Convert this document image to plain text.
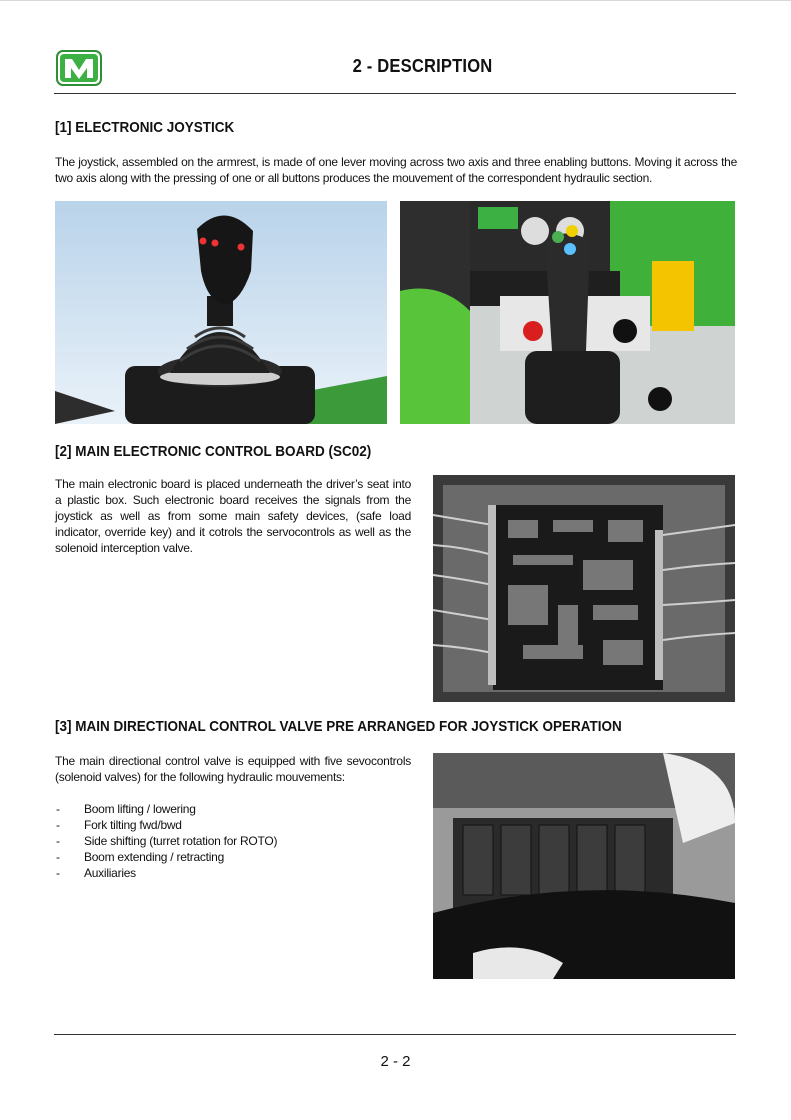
2 - DESCRIPTION
[1] ELECTRONIC JOYSTICK
The joystick, assembled on the armrest, is made of one lever moving across two axis and three enabling buttons. Moving it across the two axis along with the pressing of one or all buttons produces the mouvement of the correspondent hydraulic section.
[2] MAIN ELECTRONIC CONTROL BOARD (SC02)
The main electronic board is placed underneath the driver’s seat into a plastic box. Such electronic board receives the signals from the joystick as well as from some main safety devices, (safe load indicator, override key) and it cotrols the servocontrols as well as the solenoid interception valve.
[3] MAIN DIRECTIONAL CONTROL VALVE PRE ARRANGED FOR JOYSTICK OPERATION
The main directional control valve is equipped with five sevocontrols (solenoid valves) for the following hydraulic mouvements:
- Boom lifting / lowering
- Fork tilting fwd/bwd
- Side shifting (turret rotation for ROTO)
- Boom extending / retracting
- Auxiliaries
2 - 2
